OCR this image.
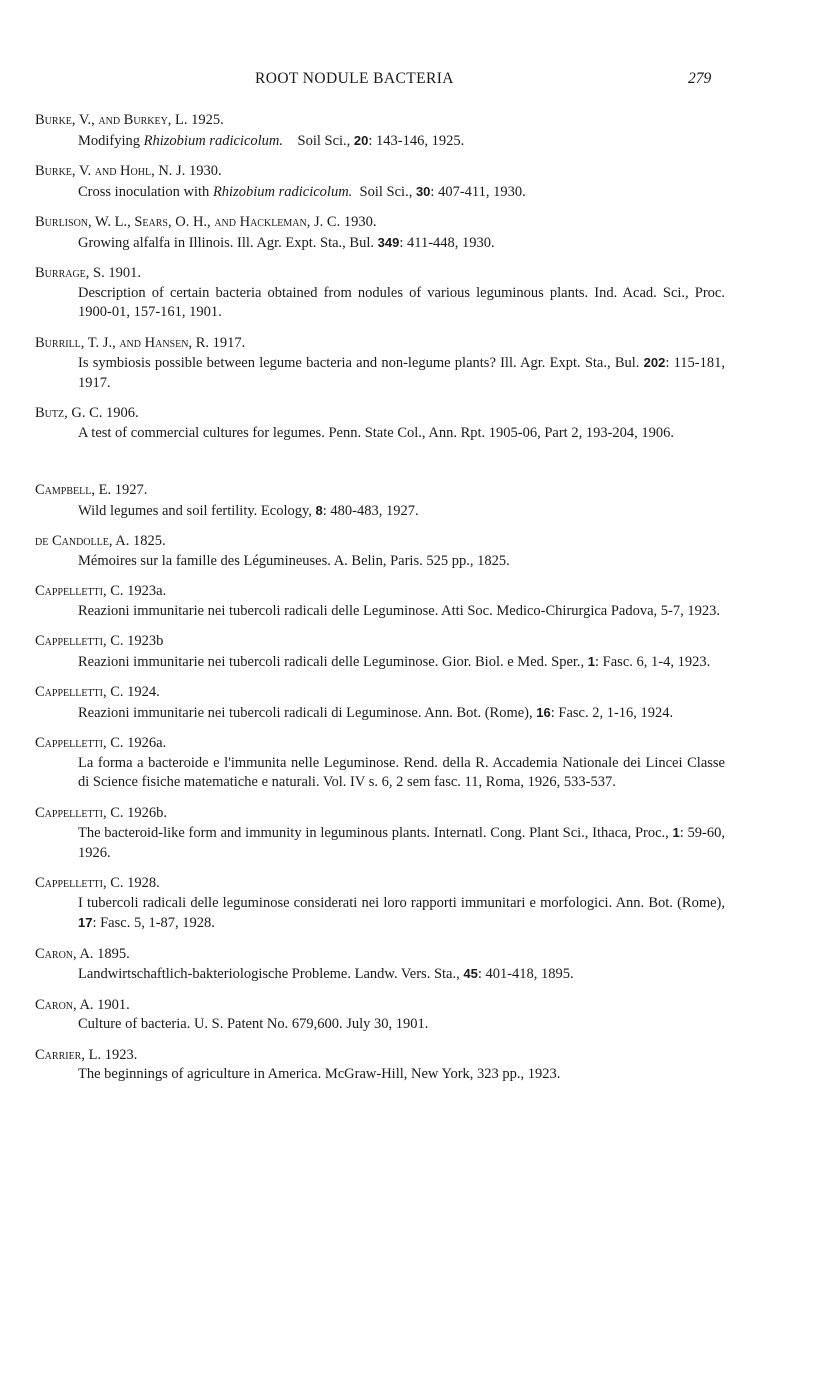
ROOT NODULE BACTERIA	279
Burke, V., and Burkey, L. 1925.
Modifying Rhizobium radicicolum.    Soil Sci., 20: 143-146, 1925.
Burke, V. and Hohl, N. J. 1930.
Cross inoculation with Rhizobium radicicolum.  Soil Sci., 30: 407-411, 1930.
Burlison, W. L., Sears, O. H., and Hackleman, J. C. 1930.
Growing alfalfa in Illinois. Ill. Agr. Expt. Sta., Bul. 349: 411-448, 1930.
Burrage, S. 1901.
Description of certain bacteria obtained from nodules of various leguminous plants. Ind. Acad. Sci., Proc. 1900-01, 157-161, 1901.
Burrill, T. J., and Hansen, R. 1917.
Is symbiosis possible between legume bacteria and non-legume plants? Ill. Agr. Expt. Sta., Bul. 202: 115-181, 1917.
Butz, G. C. 1906.
A test of commercial cultures for legumes. Penn. State Col., Ann. Rpt. 1905-06, Part 2, 193-204, 1906.
Campbell, E. 1927.
Wild legumes and soil fertility. Ecology, 8: 480-483, 1927.
de Candolle, A. 1825.
Mémoires sur la famille des Légumineuses. A. Belin, Paris. 525 pp., 1825.
Cappelletti, C. 1923a.
Reazioni immunitarie nei tubercoli radicali delle Leguminose. Atti Soc. Medico-Chirurgica Padova, 5-7, 1923.
Cappelletti, C. 1923b
Reazioni immunitarie nei tubercoli radicali delle Leguminose. Gior. Biol. e Med. Sper., 1: Fasc. 6, 1-4, 1923.
Cappelletti, C. 1924.
Reazioni immunitarie nei tubercoli radicali di Leguminose. Ann. Bot. (Rome), 16: Fasc. 2, 1-16, 1924.
Cappelletti, C. 1926a.
La forma a bacteroide e l'immunita nelle Leguminose. Rend. della R. Accademia Nationale dei Lincei Classe di Science fisiche matematiche e naturali. Vol. IV s. 6, 2 sem fasc. 11, Roma, 1926, 533-537.
Cappelletti, C. 1926b.
The bacteroid-like form and immunity in leguminous plants. Internatl. Cong. Plant Sci., Ithaca, Proc., 1: 59-60, 1926.
Cappelletti, C. 1928.
I tubercoli radicali delle leguminose considerati nei loro rapporti immunitari e morfologici. Ann. Bot. (Rome), 17: Fasc. 5, 1-87, 1928.
Caron, A. 1895.
Landwirtschaftlich-bakteriologische Probleme. Landw. Vers. Sta., 45: 401-418, 1895.
Caron, A. 1901.
Culture of bacteria. U. S. Patent No. 679,600. July 30, 1901.
Carrier, L. 1923.
The beginnings of agriculture in America. McGraw-Hill, New York, 323 pp., 1923.
